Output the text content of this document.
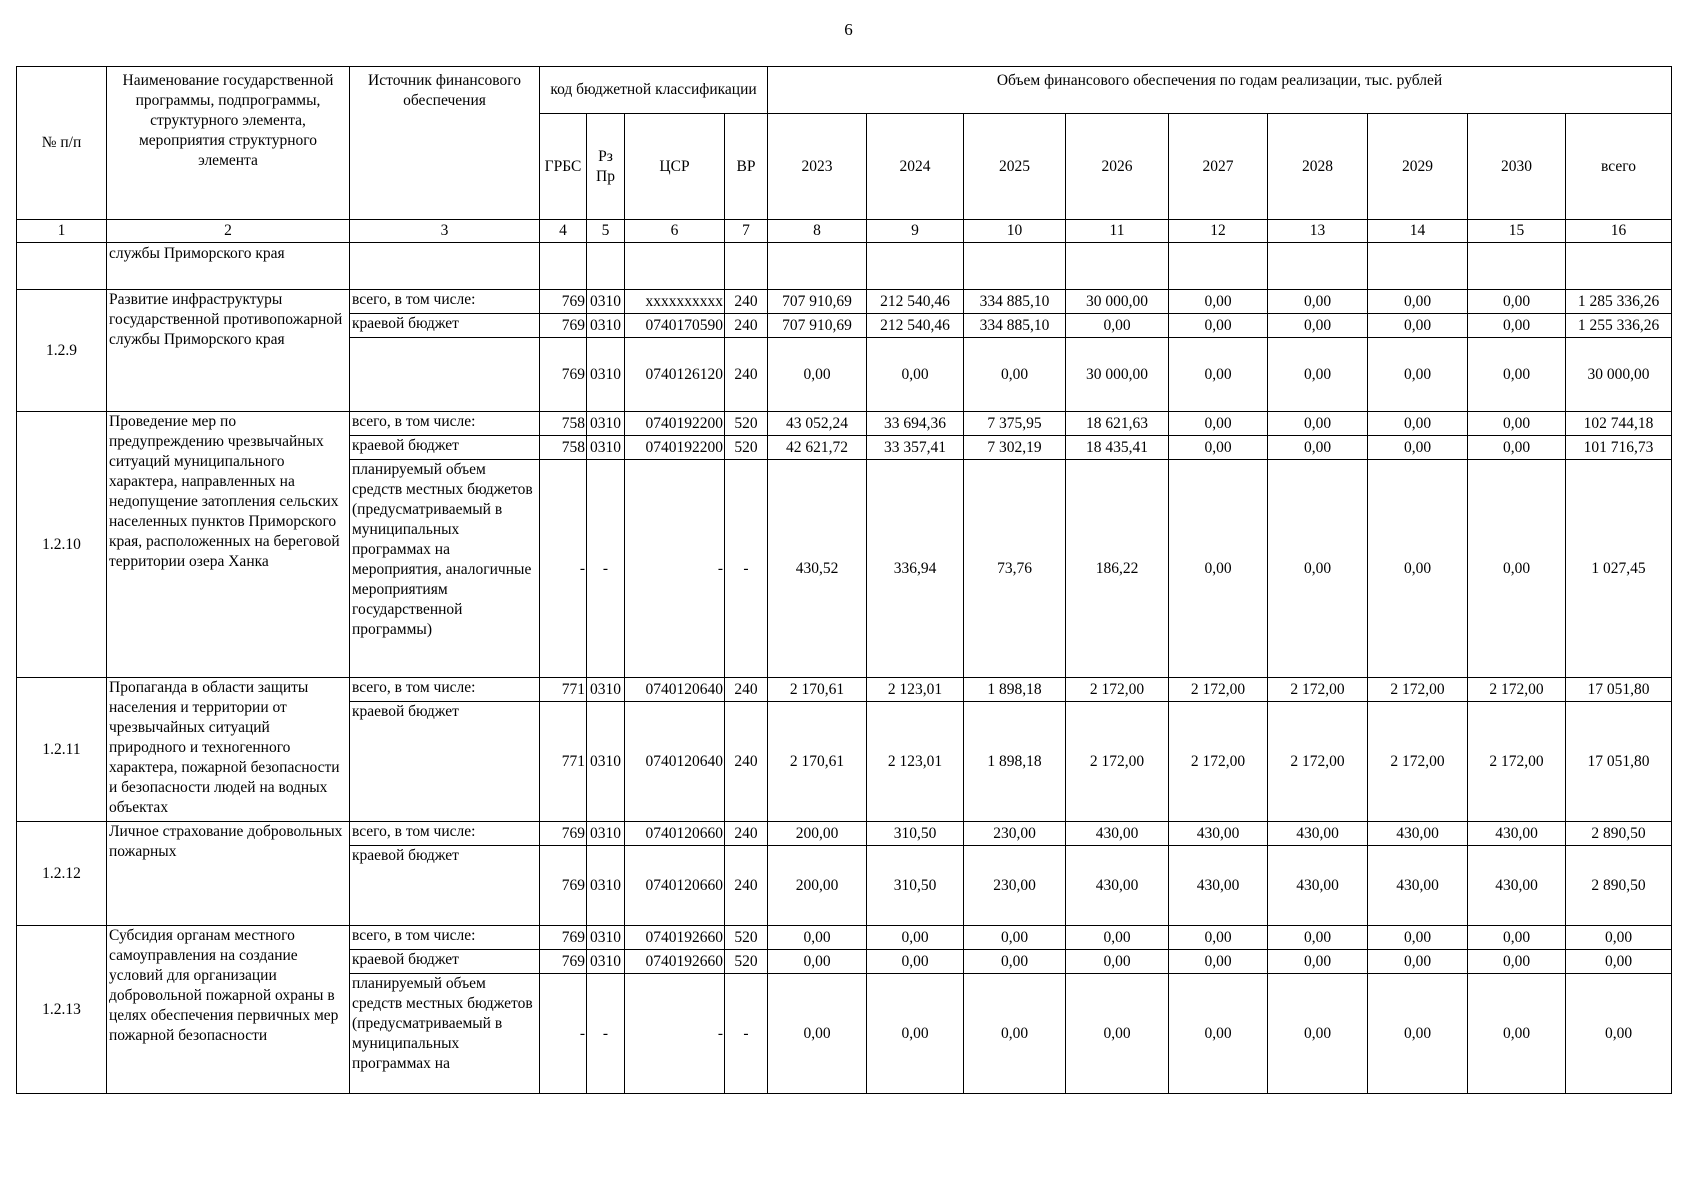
6
№ п/п	Наименование государственной программы, подпрограммы, структурного элемента, мероприятия структурного элемента	Источник финансового обеспечения	код бюджетной классификации				Объем финансового обеспечения по годам реализации, тыс. рублей								
			ГРБС	Рз Пр	ЦСР	ВР	2023	2024	2025	2026	2027	2028	2029	2030	всего
1	2	3	4	5	6	7	8	9	10	11	12	13	14	15	16
	службы Приморского края														
1.2.9	Развитие инфраструктуры государственной противопожарной службы Приморского края	всего, в том числе:	769	0310	хххххххххх	240	707 910,69	212 540,46	334 885,10	30 000,00	0,00	0,00	0,00	0,00	1 285 336,26
		краевой бюджет	769	0310	0740170590	240	707 910,69	212 540,46	334 885,10	0,00	0,00	0,00	0,00	0,00	1 255 336,26
			769	0310	0740126120	240	0,00	0,00	0,00	30 000,00	0,00	0,00	0,00	0,00	30 000,00
1.2.10	Проведение мер по предупреждению чрезвычайных ситуаций муниципального характера, направленных на недопущение затопления сельских населенных пунктов Приморского края, расположенных на береговой территории озера Ханка	всего, в том числе:	758	0310	0740192200	520	43 052,24	33 694,36	7 375,95	18 621,63	0,00	0,00	0,00	0,00	102 744,18
		краевой бюджет	758	0310	0740192200	520	42 621,72	33 357,41	7 302,19	18 435,41	0,00	0,00	0,00	0,00	101 716,73
		планируемый объем средств местных бюджетов (предусматриваемый в муниципальных программах на мероприятия, аналогичные мероприятиям государственной программы)	-	-	-	-	430,52	336,94	73,76	186,22	0,00	0,00	0,00	0,00	1 027,45
1.2.11	Пропаганда в области защиты населения и территории от чрезвычайных ситуаций природного и техногенного характера, пожарной безопасности и безопасности людей на водных объектах	всего, в том числе:	771	0310	0740120640	240	2 170,61	2 123,01	1 898,18	2 172,00	2 172,00	2 172,00	2 172,00	2 172,00	17 051,80
		краевой бюджет	771	0310	0740120640	240	2 170,61	2 123,01	1 898,18	2 172,00	2 172,00	2 172,00	2 172,00	2 172,00	17 051,80
1.2.12	Личное страхование добровольных пожарных	всего, в том числе:	769	0310	0740120660	240	200,00	310,50	230,00	430,00	430,00	430,00	430,00	430,00	2 890,50
		краевой бюджет	769	0310	0740120660	240	200,00	310,50	230,00	430,00	430,00	430,00	430,00	430,00	2 890,50
1.2.13	Субсидия органам местного самоуправления на создание условий для организации добровольной пожарной охраны в целях обеспечения первичных мер пожарной безопасности	всего, в том числе:	769	0310	0740192660	520	0,00	0,00	0,00	0,00	0,00	0,00	0,00	0,00	0,00
		краевой бюджет	769	0310	0740192660	520	0,00	0,00	0,00	0,00	0,00	0,00	0,00	0,00	0,00
		планируемый объем средств местных бюджетов (предусматриваемый в муниципальных программах на	-	-	-	-	0,00	0,00	0,00	0,00	0,00	0,00	0,00	0,00	0,00
